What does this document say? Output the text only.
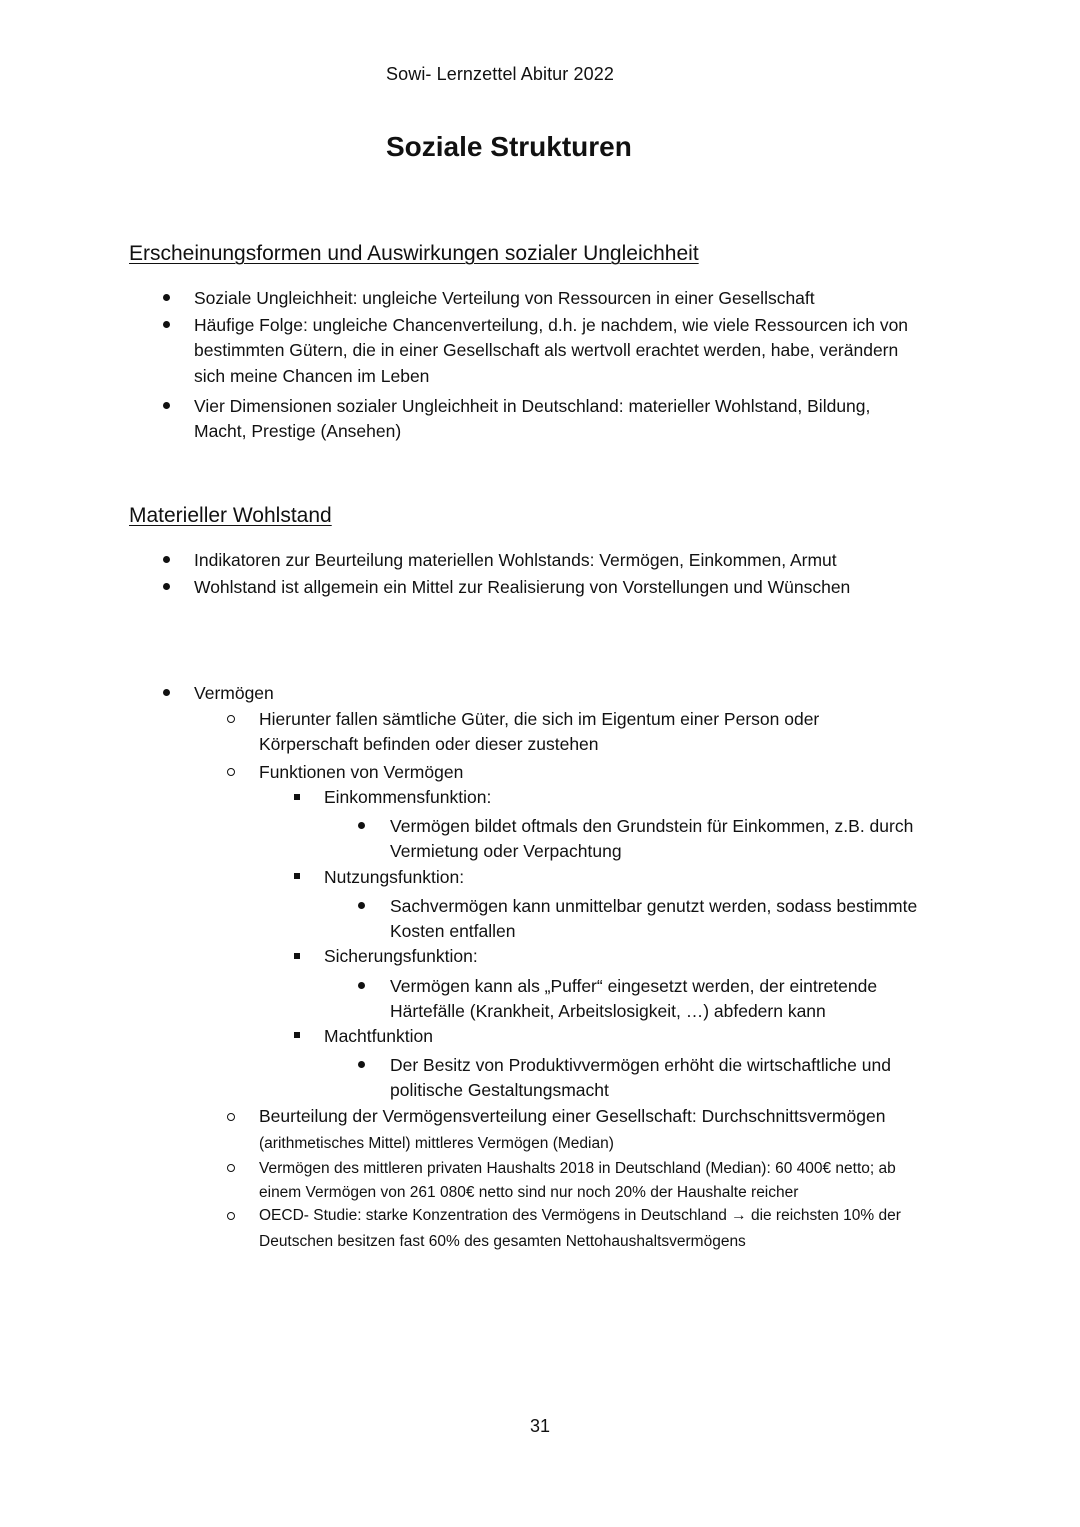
Sowi- Lernzettel Abitur 2022
Soziale Strukturen
Erscheinungsformen und Auswirkungen sozialer Ungleichheit
Soziale Ungleichheit: ungleiche Verteilung von Ressourcen in einer Gesellschaft
Häufige Folge: ungleiche Chancenverteilung, d.h. je nachdem, wie viele Ressourcen ich von
bestimmten Gütern, die in einer Gesellschaft als wertvoll erachtet werden, habe, verändern
sich meine Chancen im Leben
Vier Dimensionen sozialer Ungleichheit in Deutschland: materieller Wohlstand, Bildung,
Macht, Prestige (Ansehen)
Materieller Wohlstand
Indikatoren zur Beurteilung materiellen Wohlstands: Vermögen, Einkommen, Armut
Wohlstand ist allgemein ein Mittel zur Realisierung von Vorstellungen und Wünschen
Vermögen
Hierunter fallen sämtliche Güter, die sich im Eigentum einer Person oder
Körperschaft befinden oder dieser zustehen
Funktionen von Vermögen
Einkommensfunktion:
Vermögen bildet oftmals den Grundstein für Einkommen, z.B. durch
Vermietung oder Verpachtung
Nutzungsfunktion:
Sachvermögen kann unmittelbar genutzt werden, sodass bestimmte
Kosten entfallen
Sicherungsfunktion:
Vermögen kann als „Puffer“ eingesetzt werden, der eintretende
Härtefälle (Krankheit, Arbeitslosigkeit, …) abfedern kann
Machtfunktion
Der Besitz von Produktivvermögen erhöht die wirtschaftliche und
politische Gestaltungsmacht
Beurteilung der Vermögensverteilung einer Gesellschaft: Durchschnittsvermögen
(arithmetisches Mittel) mittleres Vermögen (Median)
Vermögen des mittleren privaten Haushalts 2018 in Deutschland (Median): 60 400€ netto; ab
einem Vermögen von 261 080€ netto sind nur noch 20% der Haushalte reicher
OECD- Studie: starke Konzentration des Vermögens in Deutschland → die reichsten 10% der
Deutschen besitzen fast 60% des gesamten Nettohaushaltsvermögens
31
